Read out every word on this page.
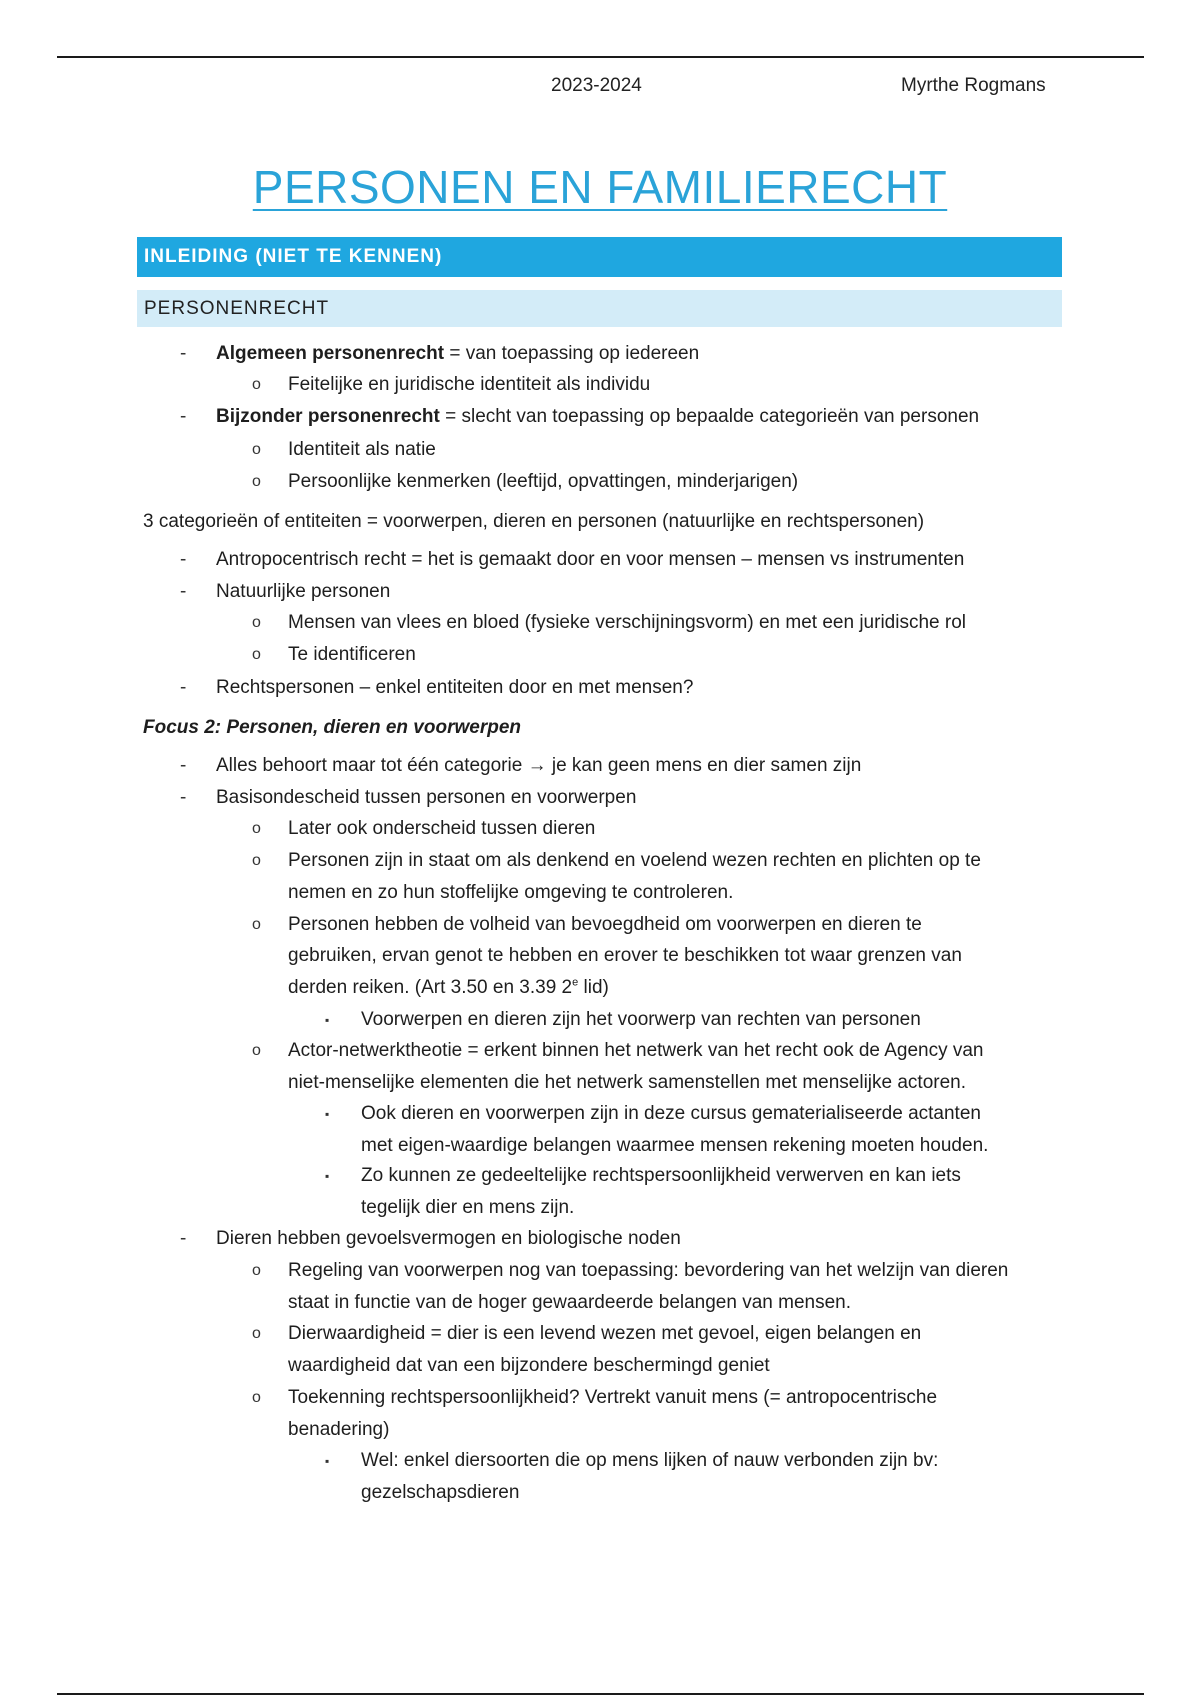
2023-2024	Myrthe Rogmans
PERSONEN EN FAMILIERECHT
INLEIDING (NIET TE KENNEN)
PERSONENRECHT
- Algemeen personenrecht = van toepassing op iedereen
o Feitelijke en juridische identiteit als individu
- Bijzonder personenrecht = slecht van toepassing op bepaalde categorieën van personen
o Identiteit als natie
o Persoonlijke kenmerken (leeftijd, opvattingen, minderjarigen)
3 categorieën of entiteiten = voorwerpen, dieren en personen (natuurlijke en rechtspersonen)
- Antropocentrisch recht = het is gemaakt door en voor mensen – mensen vs instrumenten
- Natuurlijke personen
o Mensen van vlees en bloed (fysieke verschijningsvorm) en met een juridische rol
o Te identificeren
- Rechtspersonen – enkel entiteiten door en met mensen?
Focus 2: Personen, dieren en voorwerpen
- Alles behoort maar tot één categorie → je kan geen mens en dier samen zijn
- Basisondescheid tussen personen en voorwerpen
o Later ook onderscheid tussen dieren
o Personen zijn in staat om als denkend en voelend wezen rechten en plichten op te
nemen en zo hun stoffelijke omgeving te controleren.
o Personen hebben de volheid van bevoegdheid om voorwerpen en dieren te
gebruiken, ervan genot te hebben en erover te beschikken tot waar grenzen van
derden reiken. (Art 3.50 en 3.39 2e lid)
▪ Voorwerpen en dieren zijn het voorwerp van rechten van personen
o Actor-netwerktheotie = erkent binnen het netwerk van het recht ook de Agency van
niet-menselijke elementen die het netwerk samenstellen met menselijke actoren.
▪ Ook dieren en voorwerpen zijn in deze cursus gematerialiseerde actanten
met eigen-waardige belangen waarmee mensen rekening moeten houden.
▪ Zo kunnen ze gedeeltelijke rechtspersoonlijkheid verwerven en kan iets
tegelijk dier en mens zijn.
- Dieren hebben gevoelsvermogen en biologische noden
o Regeling van voorwerpen nog van toepassing: bevordering van het welzijn van dieren
staat in functie van de hoger gewaardeerde belangen van mensen.
o Dierwaardigheid = dier is een levend wezen met gevoel, eigen belangen en
waardigheid dat van een bijzondere beschermingd geniet
o Toekenning rechtspersoonlijkheid? Vertrekt vanuit mens (= antropocentrische
benadering)
▪ Wel: enkel diersoorten die op mens lijken of nauw verbonden zijn bv:
gezelschapsdieren
